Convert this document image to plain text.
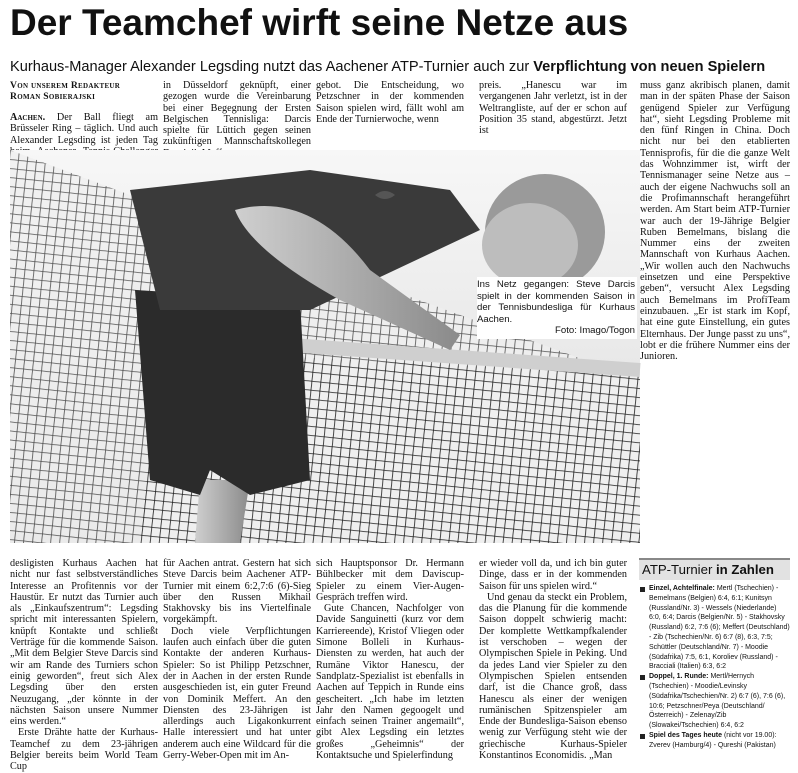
Der Teamchef wirft seine Netze aus
Kurhaus-Manager Alexander Legsding nutzt das Aachener ATP-Turnier auch zur Verpflichtung von neuen Spielern
Von unserem Redakteur
Roman Sobierajski

Aachen. Der Ball fliegt am Brüsseler Ring – täglich. Und auch Alexander Legsding ist jeden Tag

in Düsseldorf geknüpft, einer gezogen wurde die Vereinbarung bei einer Begegnung der Ersten Belgischen Tennisliga: Darcis spielte für Lüttich gegen seinen zukünftigen Mannschaftskollegen

gebot. Die Entscheidung, wo Petzschner in der kommenden Saison spielen wird, fällt wohl am Ende der Turnierwoche, wenn

preis. „Hanescu war im vergangenen Jahr verletzt, ist in der Weltrangliste, auf der er schon auf Position 35 stand, abgestürzt. Jetzt ist

muss ganz akribisch planen, damit man in der späten Phase der Saison genügend Spieler zur Verfügung hat“, sieht Legsding Probleme mit den fünf Ringen in China. Doch nicht nur bei den etablierten Tennisprofis, für die die ganze Welt das Wohnzimmer ist, wirft der Tennismanager seine Netze aus – auch der eigene Nachwuchs soll an die Profimannschaft herangeführt werden. Am Start beim ATP-Turnier war auch der 19-Jährige Belgier Ruben Bemelmans, bislang die Nummer eins der zweiten Mannschaft von Kurhaus Aachen. „Wir wollen auch den Nachwuchs einsetzen und eine Perspektive geben“, versucht Alex Legsding auch Bemelmans im ProfiTeam einzubauen. „Er ist stark im Kopf, hat eine gute Einstellung, ein gutes Elternhaus. Der Junge passt zu uns“, lobt er die frühere Nummer eins der Junioren.

Ins Netz gegangen: Steve Darcis spielt in der kommenden Saison in der Tennisbundesliga für Kurhaus Aachen.
Foto: Imago/Togon

desligisten Kurhaus Aachen hat nicht nur fast selbstverständliches Interesse an Profitennis vor der Haustür. Er nutzt das Turnier auch als „Einkaufszentrum“: Legsding spricht mit interessanten Spielern, knüpft Kontakte und schließt Verträge für die kommende Saison. „Mit dem Belgier Steve Darcis sind wir am Rande des Turniers schon einig geworden“, freut sich Alex Legsding über den ersten Neuzugang, „der könnte in der nächsten Saison unsere Nummer eins werden.“

Erste Drähte hatte der Kurhaus-Teamchef zu dem 23-jährigen Belgier bereits beim World Team Cup

für Aachen antrat. Gestern hat sich Steve Darcis beim Aachener ATP-Turnier mit einem 6:2,7:6 (6)-Sieg über den Russen Mikhail Stakhovsky bis ins Viertelfinale vorgekämpft.

Doch viele Verpflichtungen laufen auch einfach über die guten Kontakte der anderen Kurhaus-Spieler: So ist Philipp Petzschner, der in Aachen in der ersten Runde ausgeschieden ist, ein guter Freund von Dominik Meffert. An den Diensten des 23-Jährigen ist allerdings auch Ligakonkurrent Halle interessiert und hat unter anderem auch eine Wildcard für die Gerry-Weber-Open mit im An-

sich Hauptsponsor Dr. Hermann Bühlbecker mit dem Daviscup-Spieler zu einem Vier-Augen-Gespräch treffen wird.

Gute Chancen, Nachfolger von Davide Sanguinetti (kurz vor dem Karriereende), Kristof Vliegen oder Simone Bolleli in Kurhaus-Diensten zu werden, hat auch der Rumäne Viktor Hanescu, der Sandplatz-Spezialist ist ebenfalls in Aachen auf Teppich in Runde eins gescheitert. „Ich habe im letzten Jahr den Namen gegoogelt und einfach seinen Trainer angemailt“, gibt Alex Legsding ein letztes großes „Geheimnis“ der Kontaktsuche und Spielerfindung

er wieder voll da, und ich bin guter Dinge, dass er in der kommenden Saison für uns spielen wird.“

Und genau da steckt ein Problem, das die Planung für die kommende Saison doppelt schwierig macht: Der komplette Wettkampfkalender ist verschoben – wegen der Olympischen Spiele in Peking. Und da jedes Land vier Spieler zu den Olympischen Spielen entsenden darf, ist die Chance groß, dass Hanescu als einer der wenigen rumänischen Spitzenspieler am Ende der Bundesliga-Saison ebenso wenig zur Verfügung steht wie der griechische Kurhaus-Spieler Konstantinos Economidis. „Man

ATP-Turnier in Zahlen
Einzel, Achtelfinale: Mertl (Tschechien) - Bemelmans (Belgien) 6:4, 6:1; Kunitsyn (Russland/Nr. 3) - Wessels (Niederlande) 6:0, 6:4; Darcis (Belgien/Nr. 5) - Stakhovsky (Russland) 6:2, 7:6 (6); Meffert (Deutschland) - Zib (Tschechien/Nr. 6) 6:7 (8), 6:3, 7:5; Schüttler (Deutschland/Nr. 7) - Moodie (Südafrika) 7:5, 6:1, Koroliev (Russland) - Bracciali (Italien) 6:3, 6:2
Doppel, 1. Runde: Mertl/Hernych (Tschechien) - Moodie/Levinsky (Südafrika/Tschechien/Nr. 2) 6:7 (6), 7:6 (6), 10:6; Petzschner/Peya (Deutschland/Österreich) - Zelenay/Zib (Slowakei/Tschechien) 6:4, 6:2
Spiel des Tages heute (nicht vor 19.00): Zverev (Hamburg/4) - Qureshi (Pakistan)
